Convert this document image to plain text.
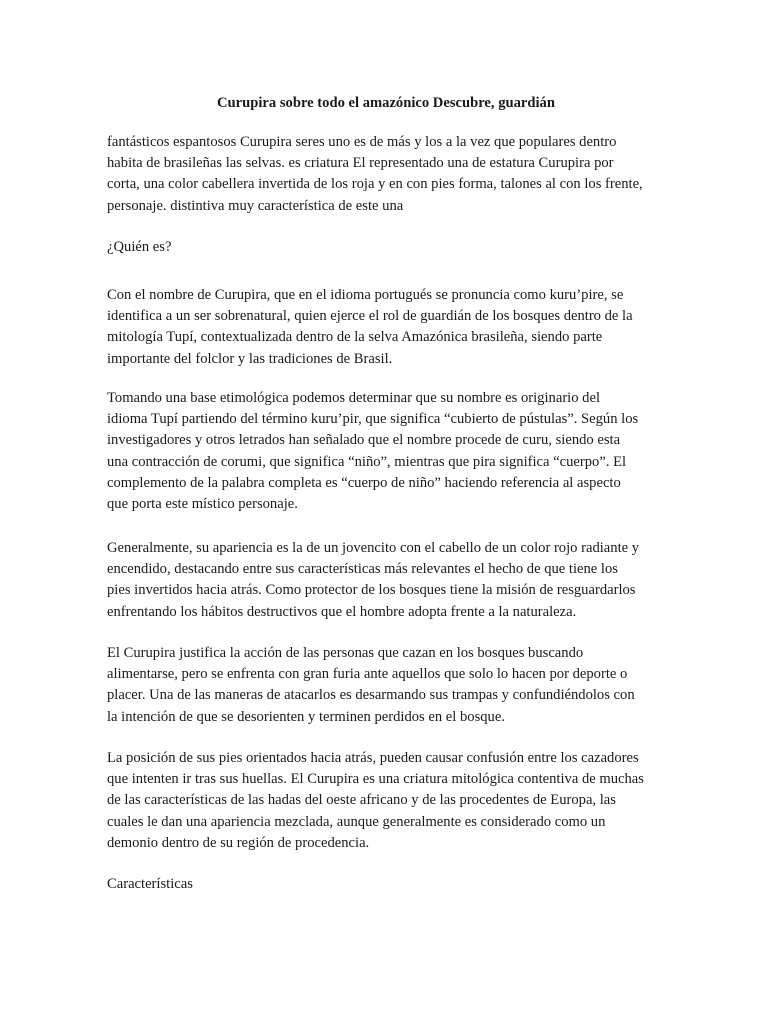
Curupira sobre todo el amazónico Descubre, guardián
fantásticos espantosos Curupira seres uno es de más y los a la vez que populares dentro
habita de brasileñas las selvas. es criatura El representado una de estatura Curupira por
corta, una color cabellera invertida de los roja y en con pies forma, talones al con los frente,
personaje. distintiva muy característica de este una
¿Quién es?
Con el nombre de Curupira, que en el idioma portugués se pronuncia como kuru’pire, se
identifica a un ser sobrenatural, quien ejerce el rol de guardián de los bosques dentro de la
mitología Tupí, contextualizada dentro de la selva Amazónica brasileña, siendo parte
importante del folclor y las tradiciones de Brasil.
Tomando una base etimológica podemos determinar que su nombre es originario del
idioma Tupí partiendo del término kuru’pir, que significa “cubierto de pústulas”. Según los
investigadores y otros letrados han señalado que el nombre procede de curu, siendo esta
una contracción de corumi, que significa “niño”, mientras que pira significa “cuerpo”. El
complemento de la palabra completa es “cuerpo de niño” haciendo referencia al aspecto
que porta este místico personaje.
Generalmente, su apariencia es la de un jovencito con el cabello de un color rojo radiante y
encendido, destacando entre sus características más relevantes el hecho de que tiene los
pies invertidos hacia atrás. Como protector de los bosques tiene la misión de resguardarlos
enfrentando los hábitos destructivos que el hombre adopta frente a la naturaleza.
El Curupira justifica la acción de las personas que cazan en los bosques buscando
alimentarse, pero se enfrenta con gran furia ante aquellos que solo lo hacen por deporte o
placer. Una de las maneras de atacarlos es desarmando sus trampas y confundiéndolos con
la intención de que se desorienten y terminen perdidos en el bosque.
La posición de sus pies orientados hacia atrás, pueden causar confusión entre los cazadores
que intenten ir tras sus huellas. El Curupira es una criatura mitológica contentiva de muchas
de las características de las hadas del oeste africano y de las procedentes de Europa, las
cuales le dan una apariencia mezclada, aunque generalmente es considerado como un
demonio dentro de su región de procedencia.
Características
